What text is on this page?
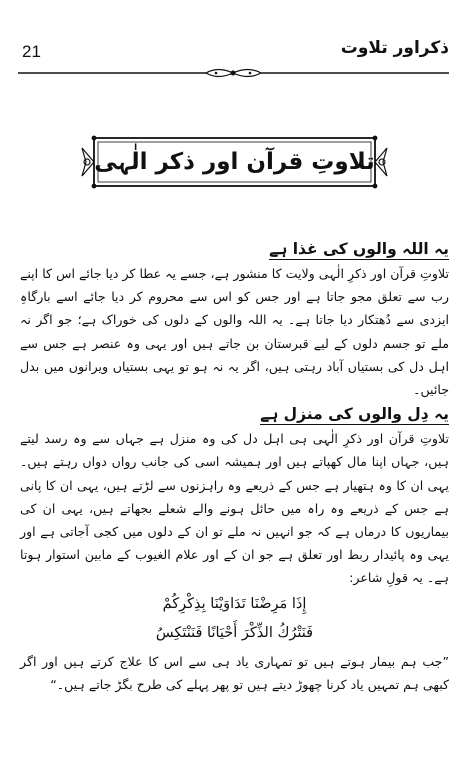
21	ذکراور تلاوت
تلاوتِ قرآن اور ذکر الٰہی
یہ اللہ والوں کی غذا ہے
تلاوتِ قرآن اور ذکرِ الٰہی ولایت کا منشور ہے، جسے یہ عطا کر دیا جائے اس کا اپنے رب سے تعلق مجو جاتا ہے اور جس کو اس سے محروم کر دیا جائے اسے بارگاہِ ایزدی سے دُھتکار دیا جاتا ہے۔ یہ اللہ والوں کے دلوں کی خوراک ہے؛ جو اگر نہ ملے تو جسم دلوں کے لیے قبرستان بن جاتے ہیں اور یہی وہ عنصر ہے جس سے اہل دل کی بستیاں آباد رہتی ہیں، اگر یہ نہ ہو تو یہی بستیاں ویرانوں میں بدل جائیں۔
یہ دِل والوں کی منزل ہے
تلاوتِ قرآن اور ذکرِ الٰہی ہی اہل دل کی وہ منزل ہے جہاں سے وہ رسد لیتے ہیں، جہاں اپنا مال کھپاتے ہیں اور ہمیشہ اسی کی جانب رواں دواں رہتے ہیں۔ یہی ان کا وہ ہتھیار ہے جس کے ذریعے وہ راہزنوں سے لڑتے ہیں، یہی ان کا پانی ہے جس کے ذریعے وہ راہ میں حائل ہونے والے شعلے بجھاتے ہیں، یہی ان کی بیماریوں کا درماں ہے کہ جو انہیں نہ ملے تو ان کے دلوں میں کجی آجاتی ہے اور یہی وہ پائیدار ربط اور تعلق ہے جو ان کے اور علام الغیوب کے مابین استوار ہوتا ہے۔ یہ قولِ شاعر:
إِذَا مَرِضْنَا تَدَاوَيْنَا بِذِكْرِكُمْ
فَنَتْرُكُ الذِّكْرَ أَحْيَانًا فَنَنْتَكِسُ
”جب ہم بیمار ہوتے ہیں تو تمہاری یاد ہی سے اس کا علاج کرتے ہیں اور اگر کبھی ہم تمہیں یاد کرنا چھوڑ دیتے ہیں تو پھر پہلے کی طرح بگڑ جاتے ہیں۔“
